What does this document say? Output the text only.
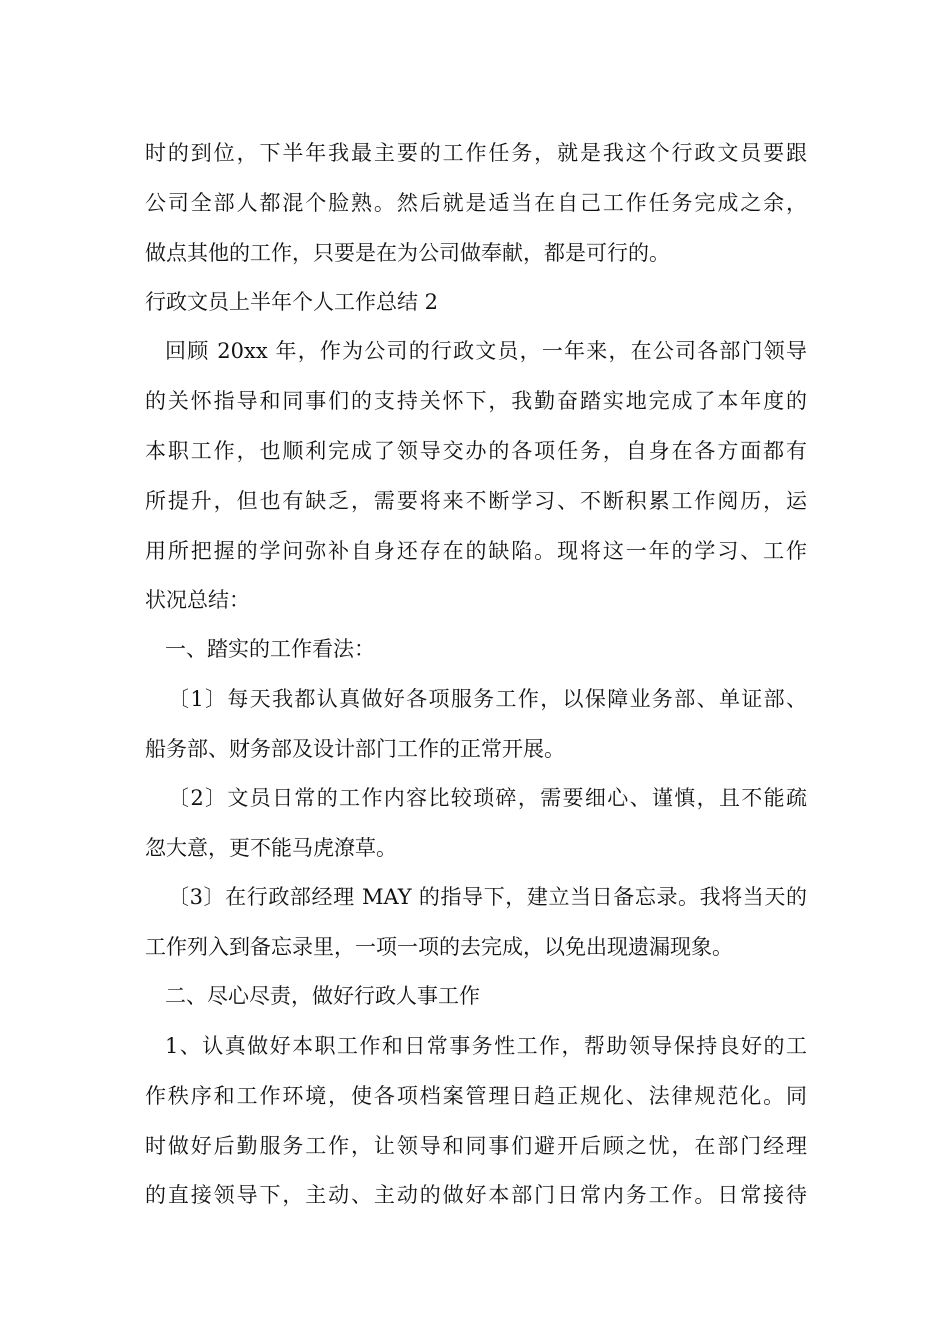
时的到位，下半年我最主要的工作任务，就是我这个行政文员要跟
公司全部人都混个脸熟。然后就是适当在自己工作任务完成之余，
做点其他的工作，只要是在为公司做奉献，都是可行的。
行政文员上半年个人工作总结 2
回顾 20xx 年，作为公司的行政文员，一年来，在公司各部门领导
的关怀指导和同事们的支持关怀下，我勤奋踏实地完成了本年度的
本职工作，也顺利完成了领导交办的各项任务，自身在各方面都有
所提升，但也有缺乏，需要将来不断学习、不断积累工作阅历，运
用所把握的学问弥补自身还存在的缺陷。现将这一年的学习、工作
状况总结：
一、踏实的工作看法：
〔1〕每天我都认真做好各项服务工作，以保障业务部、单证部、
船务部、财务部及设计部门工作的正常开展。
〔2〕文员日常的工作内容比较琐碎，需要细心、谨慎，且不能疏
忽大意，更不能马虎潦草。
〔3〕在行政部经理 MAY 的指导下，建立当日备忘录。我将当天的
工作列入到备忘录里，一项一项的去完成，以免出现遗漏现象。
二、尽心尽责，做好行政人事工作
1、认真做好本职工作和日常事务性工作，帮助领导保持良好的工
作秩序和工作环境，使各项档案管理日趋正规化、法律规范化。同
时做好后勤服务工作，让领导和同事们避开后顾之忧，在部门经理
的直接领导下，主动、主动的做好本部门日常内务工作。日常接待
